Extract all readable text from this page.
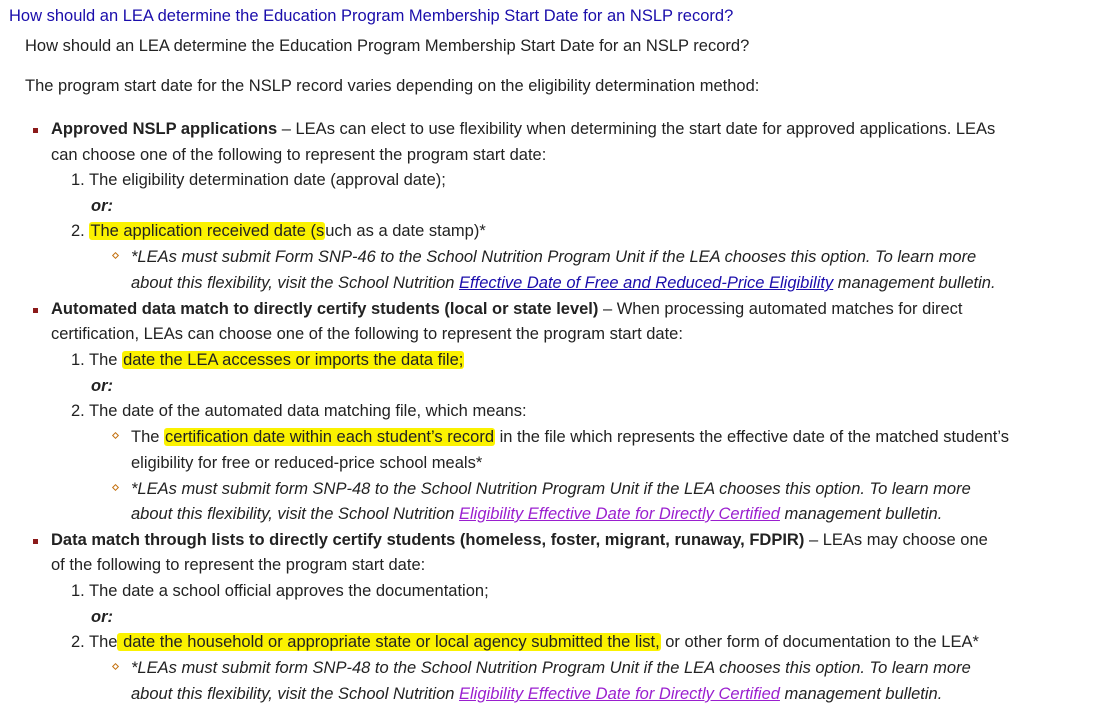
How should an LEA determine the Education Program Membership Start Date for an NSLP record?
How should an LEA determine the Education Program Membership Start Date for an NSLP record?
The program start date for the NSLP record varies depending on the eligibility determination method:
Approved NSLP applications – LEAs can elect to use flexibility when determining the start date for approved applications. LEAs
can choose one of the following to represent the program start date:
1. The eligibility determination date (approval date);
or:
2. The application received date (such as a date stamp)*
*LEAs must submit Form SNP-46 to the School Nutrition Program Unit if the LEA chooses this option. To learn more
about this flexibility, visit the School Nutrition Effective Date of Free and Reduced-Price Eligibility management bulletin.
Automated data match to directly certify students (local or state level) – When processing automated matches for direct
certification, LEAs can choose one of the following to represent the program start date:
1. The date the LEA accesses or imports the data file;
or:
2. The date of the automated data matching file, which means:
The certification date within each student’s record in the file which represents the effective date of the matched student’s
eligibility for free or reduced-price school meals*
*LEAs must submit form SNP-48 to the School Nutrition Program Unit if the LEA chooses this option. To learn more
about this flexibility, visit the School Nutrition Eligibility Effective Date for Directly Certified management bulletin.
Data match through lists to directly certify students (homeless, foster, migrant, runaway, FDPIR) – LEAs may choose one
of the following to represent the program start date:
1. The date a school official approves the documentation;
or:
2. The date the household or appropriate state or local agency submitted the list, or other form of documentation to the LEA*
*LEAs must submit form SNP-48 to the School Nutrition Program Unit if the LEA chooses this option. To learn more
about this flexibility, visit the School Nutrition Eligibility Effective Date for Directly Certified management bulletin.
